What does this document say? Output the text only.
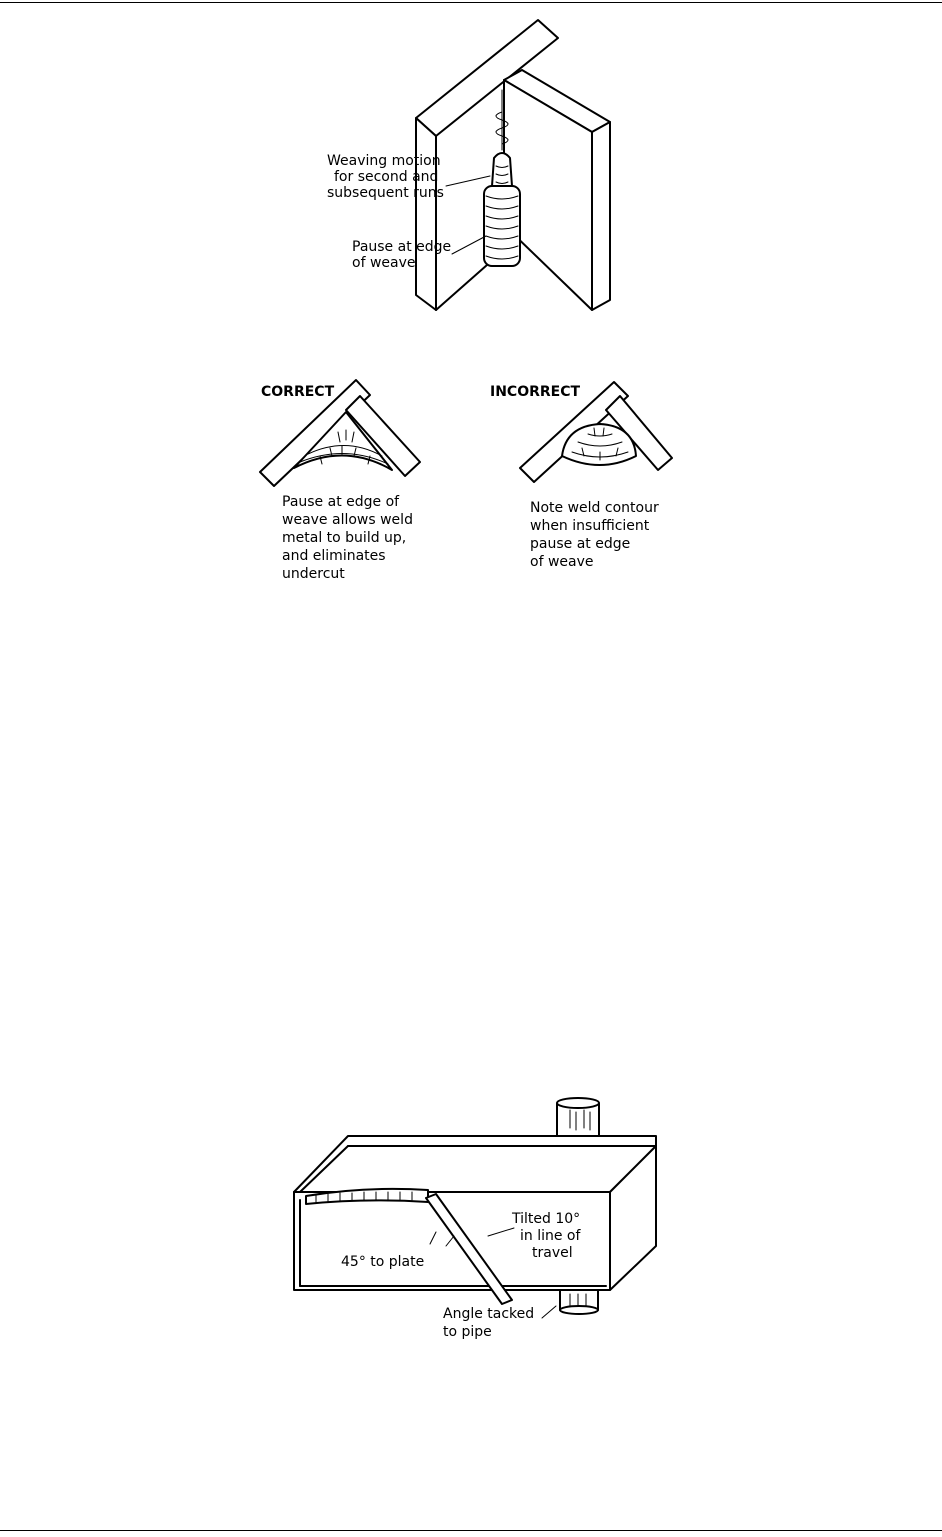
Weaving motion for second and subsequent runs
Pause at edge of weave
CORRECT
Pause at edge of weave allows weld metal to build up, and eliminates undercut
INCORRECT
Note weld contour when insufficient pause at edge of weave
Tilted 10° in line of travel
45° to plate
Angle tacked to pipe
